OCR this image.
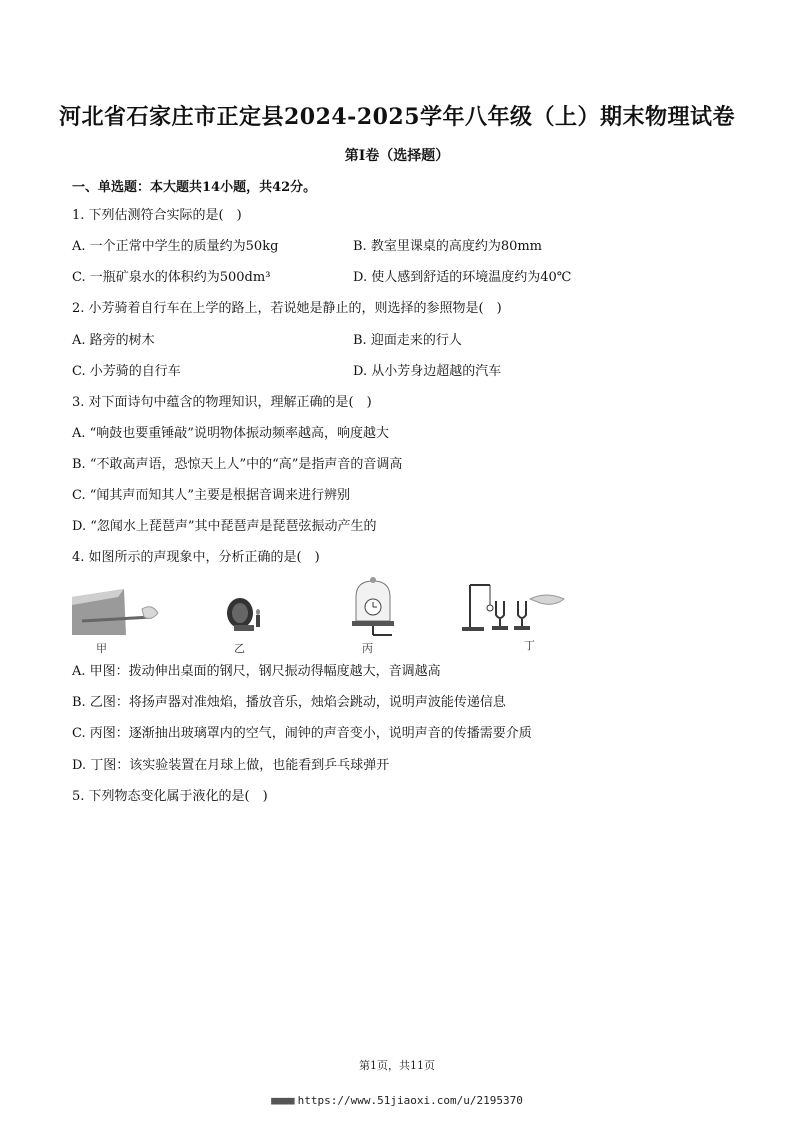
河北省石家庄市正定县2024-2025学年八年级（上）期末物理试卷
第I卷（选择题）
一、单选题：本大题共14小题，共42分。
1. 下列估测符合实际的是(　)
A. 一个正常中学生的质量约为50kg	B. 教室里课桌的高度约为80mm
C. 一瓶矿泉水的体积约为500dm³	D. 使人感到舒适的环境温度约为40℃
2. 小芳骑着自行车在上学的路上，若说她是静止的，则选择的参照物是(　)
A. 路旁的树木	B. 迎面走来的行人
C. 小芳骑的自行车	D. 从小芳身边超越的汽车
3. 对下面诗句中蕴含的物理知识，理解正确的是(　)
A. “响鼓也要重锤敲”说明物体振动频率越高，响度越大
B. “不敢高声语，恐惊天上人”中的“高”是指声音的音调高
C. “闻其声而知其人”主要是根据音调来进行辨别
D. “忽闻水上琵琶声”其中琵琶声是琵琶弦振动产生的
4. 如图所示的声现象中，分析正确的是(　)
甲	乙	丙	丁
A. 甲图：拨动伸出桌面的钢尺，钢尺振动得幅度越大，音调越高
B. 乙图：将扬声器对准烛焰，播放音乐，烛焰会跳动，说明声波能传递信息
C. 丙图：逐渐抽出玻璃罩内的空气，闹钟的声音变小，说明声音的传播需要介质
D. 丁图：该实验装置在月球上做，也能看到乒乓球弹开
5. 下列物态变化属于液化的是(　)
第1页，共11页
■■■■ https://www.51jiaoxi.com/u/2195370
